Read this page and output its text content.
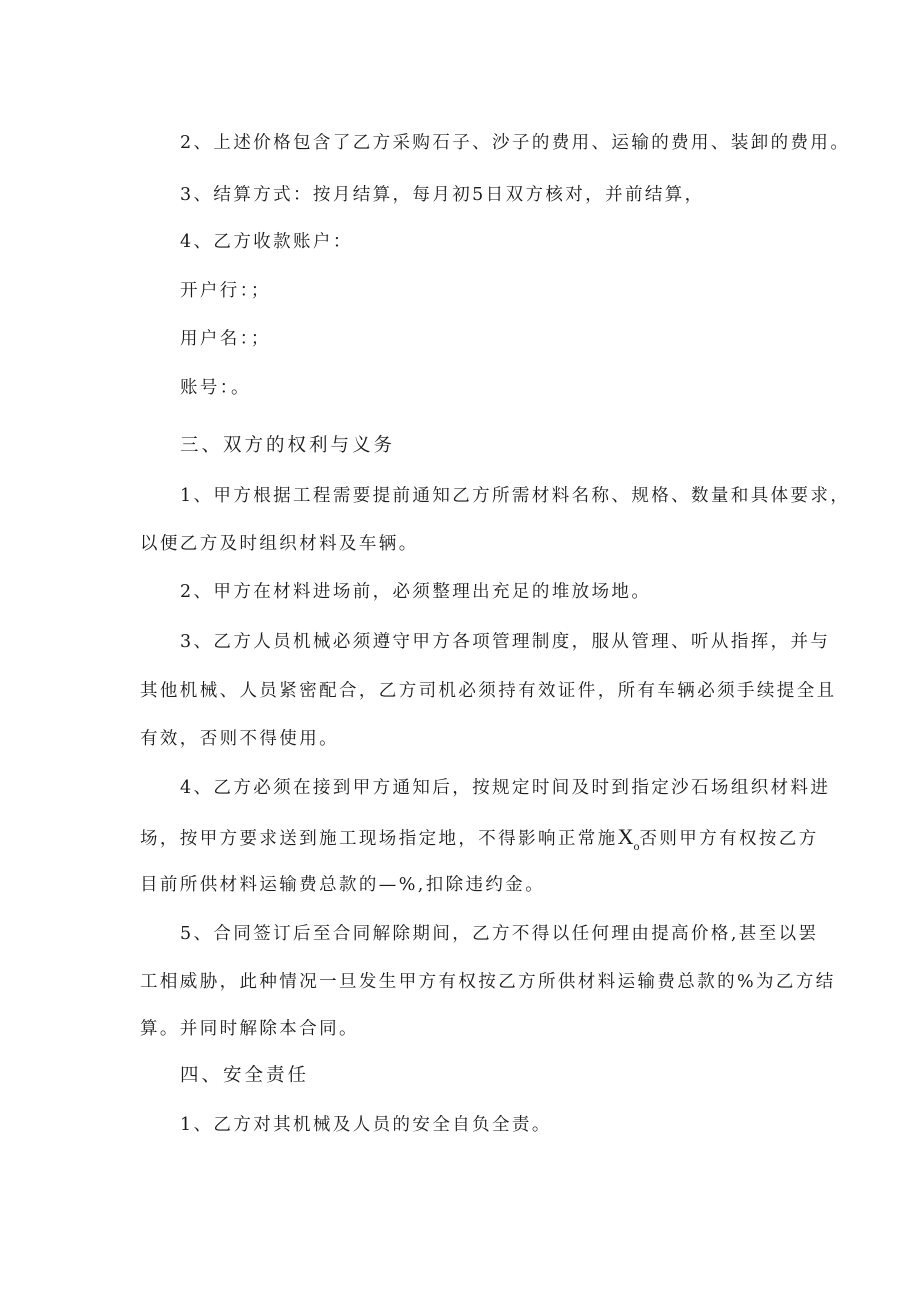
2、上述价格包含了乙方采购石子、沙子的费用、运输的费用、装卸的费用。
3、结算方式：按月结算，每月初5日双方核对，并前结算，
4、乙方收款账户：
开户行：；
用户名：；
账号：。
三、双方的权利与义务
1、甲方根据工程需要提前通知乙方所需材料名称、规格、数量和具体要求，
以便乙方及时组织材料及车辆。
2、甲方在材料进场前，必须整理出充足的堆放场地。
3、乙方人员机械必须遵守甲方各项管理制度，服从管理、听从指挥，并与
其他机械、人员紧密配合，乙方司机必须持有效证件，所有车辆必须手续提全且
有效，否则不得使用。
4、乙方必须在接到甲方通知后，按规定时间及时到指定沙石场组织材料进
场，按甲方要求送到施工现场指定地，不得影响正常施$X_o$否则甲方有权按乙方
目前所供材料运输费总款的—%,扣除违约金。
5、合同签订后至合同解除期间，乙方不得以任何理由提高价格,甚至以罢
工相威胁，此种情况一旦发生甲方有权按乙方所供材料运输费总款的%为乙方结
算。并同时解除本合同。
四、安全责任
1、乙方对其机械及人员的安全自负全责。
